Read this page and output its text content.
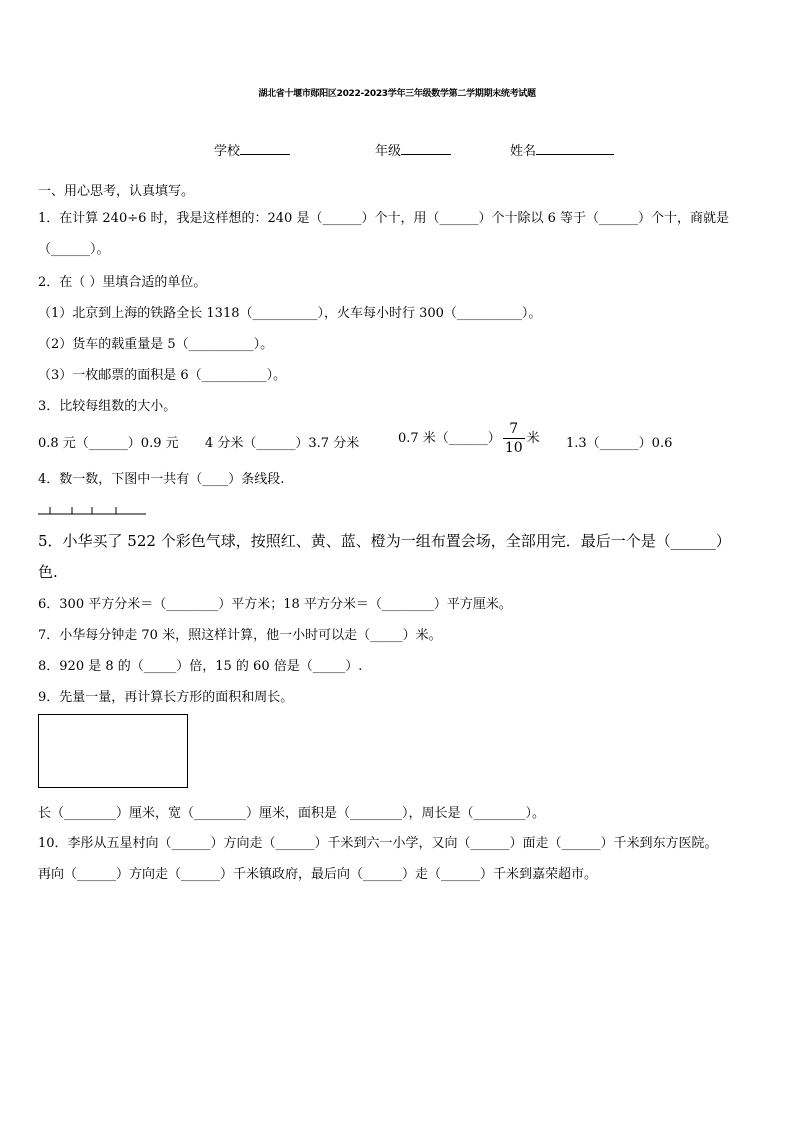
湖北省十堰市郧阳区2022-2023学年三年级数学第二学期期末统考试题
学校	年级	姓名
一、用心思考，认真填写。
1．在计算 240÷6 时，我是这样想的：240 是（______）个十，用（______）个十除以 6 等于（______）个十，商就是
（______）。
2．在（ ）里填合适的单位。
（1）北京到上海的铁路全长 1318（__________），火车每小时行 300（__________）。
（2）货车的载重量是 5（__________）。
（3）一枚邮票的面积是 6（__________）。
3．比较每组数的大小。
0.8 元（______）0.9 元 4 分米（______）3.7 分米	0.7 米（______） $\frac{7}{10}$ 米 1.3（______）0.6
4．数一数，下图中一共有（____）条线段.
5．小华买了 522 个彩色气球，按照红、黄、蓝、橙为一组布置会场，全部用完．最后一个是（______）
色.
6．300 平方分米＝（________）平方米；18 平方分米＝（________）平方厘米。
7．小华每分钟走 70 米，照这样计算，他一小时可以走（_____）米。
8．920 是 8 的（_____）倍，15 的 60 倍是（_____）.
9．先量一量，再计算长方形的面积和周长。
长（________）厘米，宽（________）厘米，面积是（________），周长是（________）。
10．李彤从五星村向（______）方向走（______）千米到六一小学，又向（______）面走（______）千米到东方医院。
再向（______）方向走（______）千米镇政府，最后向（______）走（______）千米到嘉荣超市。
